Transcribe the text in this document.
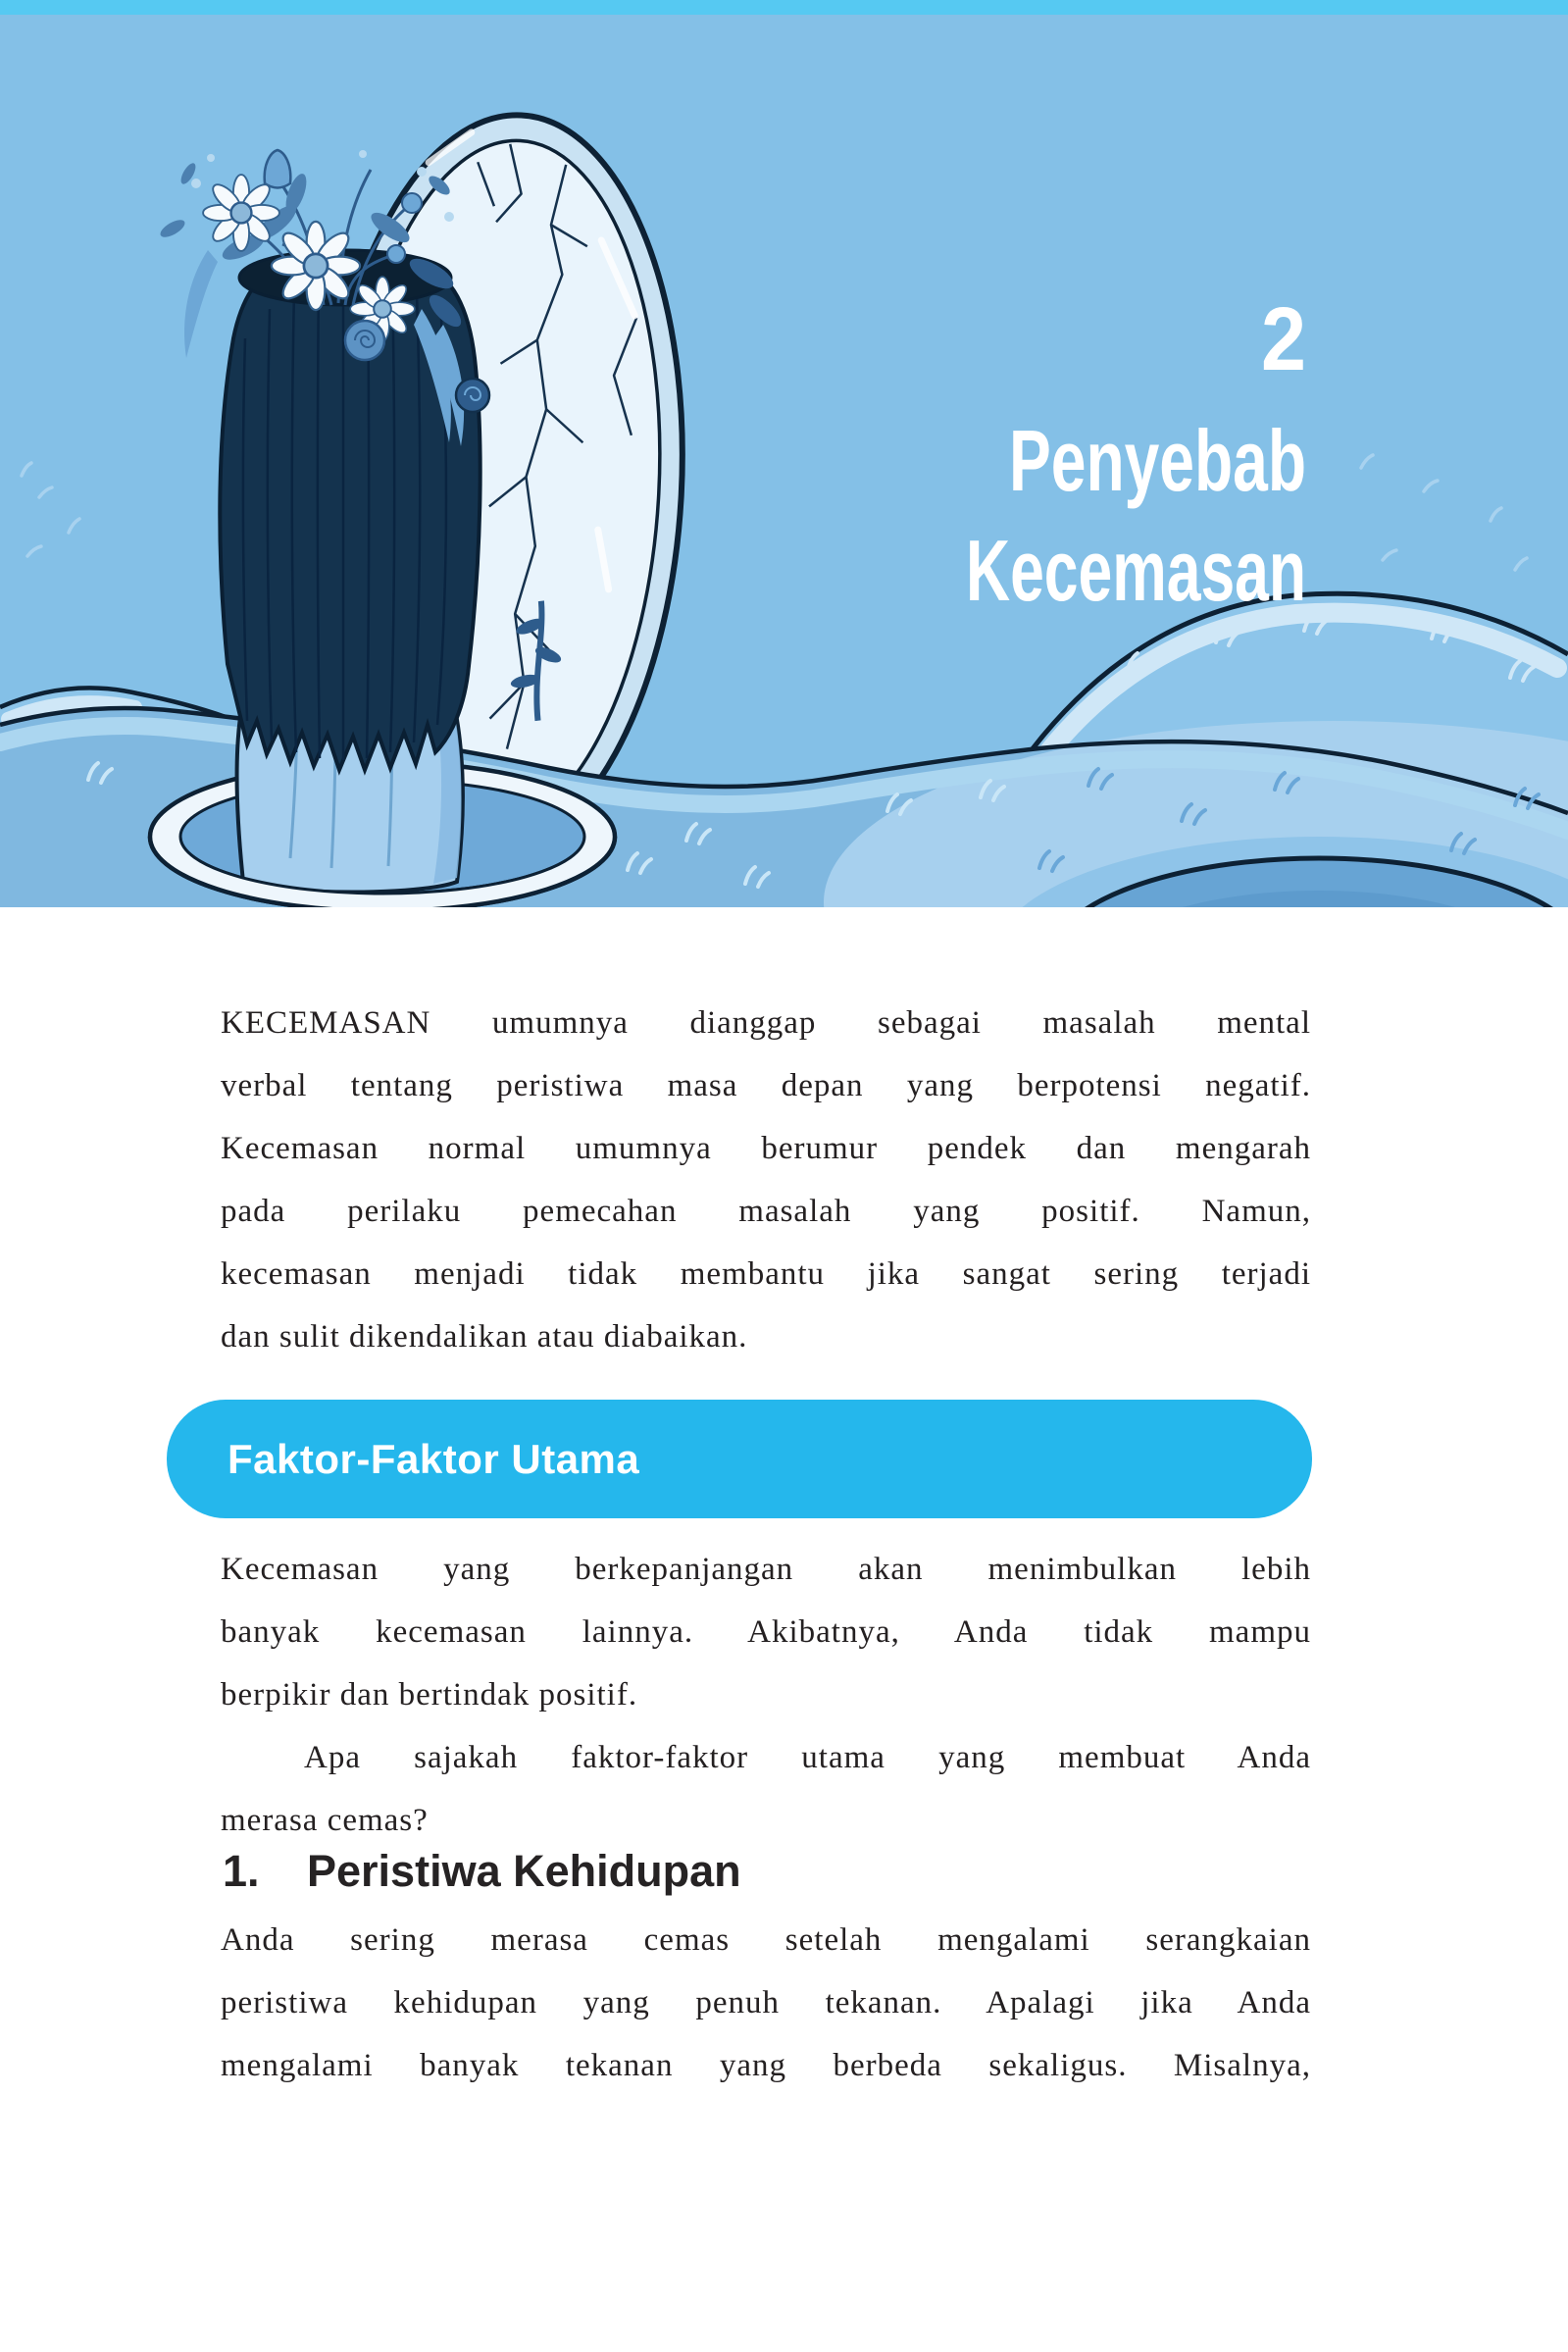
2
Penyebab
Kecemasan
KECEMASAN umumnya dianggap sebagai masalah mental
verbal tentang peristiwa masa depan yang berpotensi negatif.
Kecemasan normal umumnya berumur pendek dan mengarah
pada perilaku pemecahan masalah yang positif. Namun,
kecemasan menjadi tidak membantu jika sangat sering terjadi
dan sulit dikendalikan atau diabaikan.
Faktor-Faktor Utama
Kecemasan yang berkepanjangan akan menimbulkan lebih
banyak kecemasan lainnya. Akibatnya, Anda tidak mampu
berpikir dan bertindak positif.
Apa sajakah faktor-faktor utama yang membuat Anda
merasa cemas?
1.	Peristiwa Kehidupan
Anda sering merasa cemas setelah mengalami serangkaian
peristiwa kehidupan yang penuh tekanan. Apalagi jika Anda
mengalami banyak tekanan yang berbeda sekaligus. Misalnya,
